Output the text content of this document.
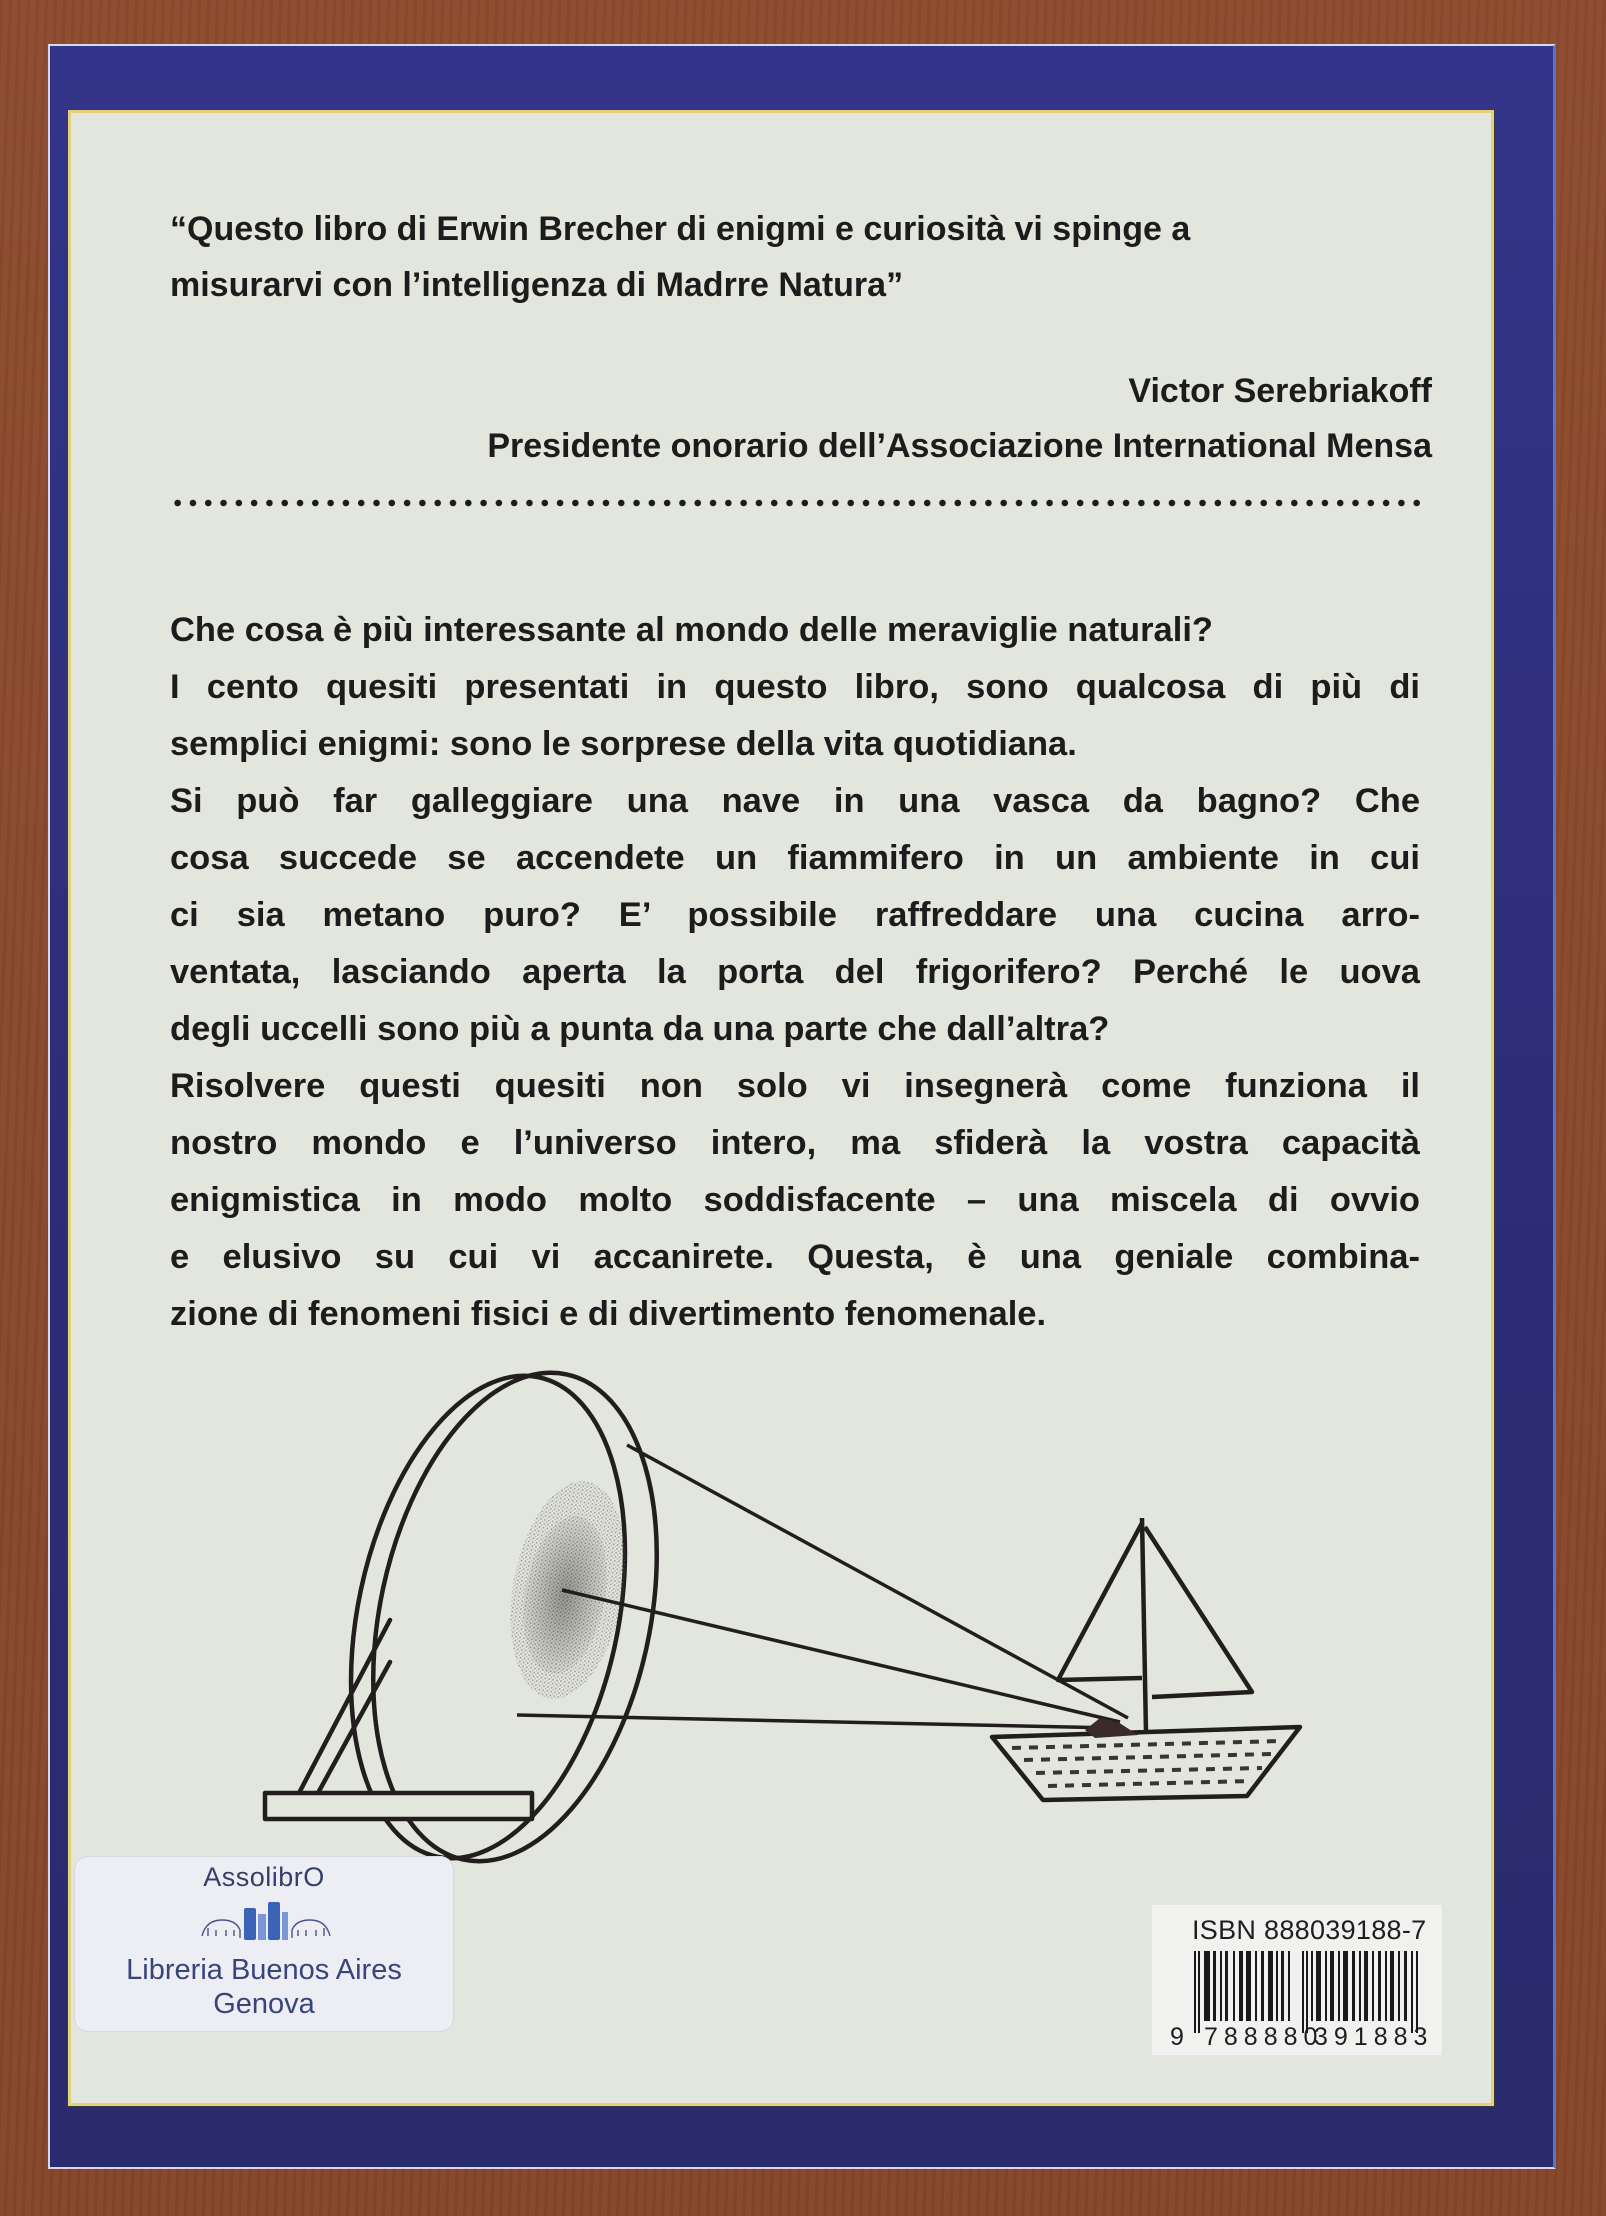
“Questo libro di Erwin Brecher di enigmi e curiosità vi spinge a
misurarvi con l’intelligenza di Madrre Natura”
Victor Serebriakoff
Presidente onorario dell’Associazione International Mensa
Che cosa è più interessante al mondo delle meraviglie naturali?
I cento quesiti presentati in questo libro, sono qualcosa di più di
semplici enigmi: sono le sorprese della vita quotidiana.
Si può far galleggiare una nave in una vasca da bagno? Che
cosa succede se accendete un fiammifero in un ambiente in cui
ci sia metano puro? E’ possibile raffreddare una cucina arro-
ventata, lasciando aperta la porta del frigorifero? Perché le uova
degli uccelli sono più a punta da una parte che dall’altra?
Risolvere questi quesiti non solo vi insegnerà come funziona il
nostro mondo e l’universo intero, ma sfiderà la vostra capacità
enigmistica in modo molto soddisfacente – una miscela di ovvio
e elusivo su cui vi accanirete. Questa, è una geniale combina-
zione di fenomeni fisici e di divertimento fenomenale.
AssolibrO
Libreria Buenos Aires
Genova
ISBN 888039188-7
9 788880
391883
